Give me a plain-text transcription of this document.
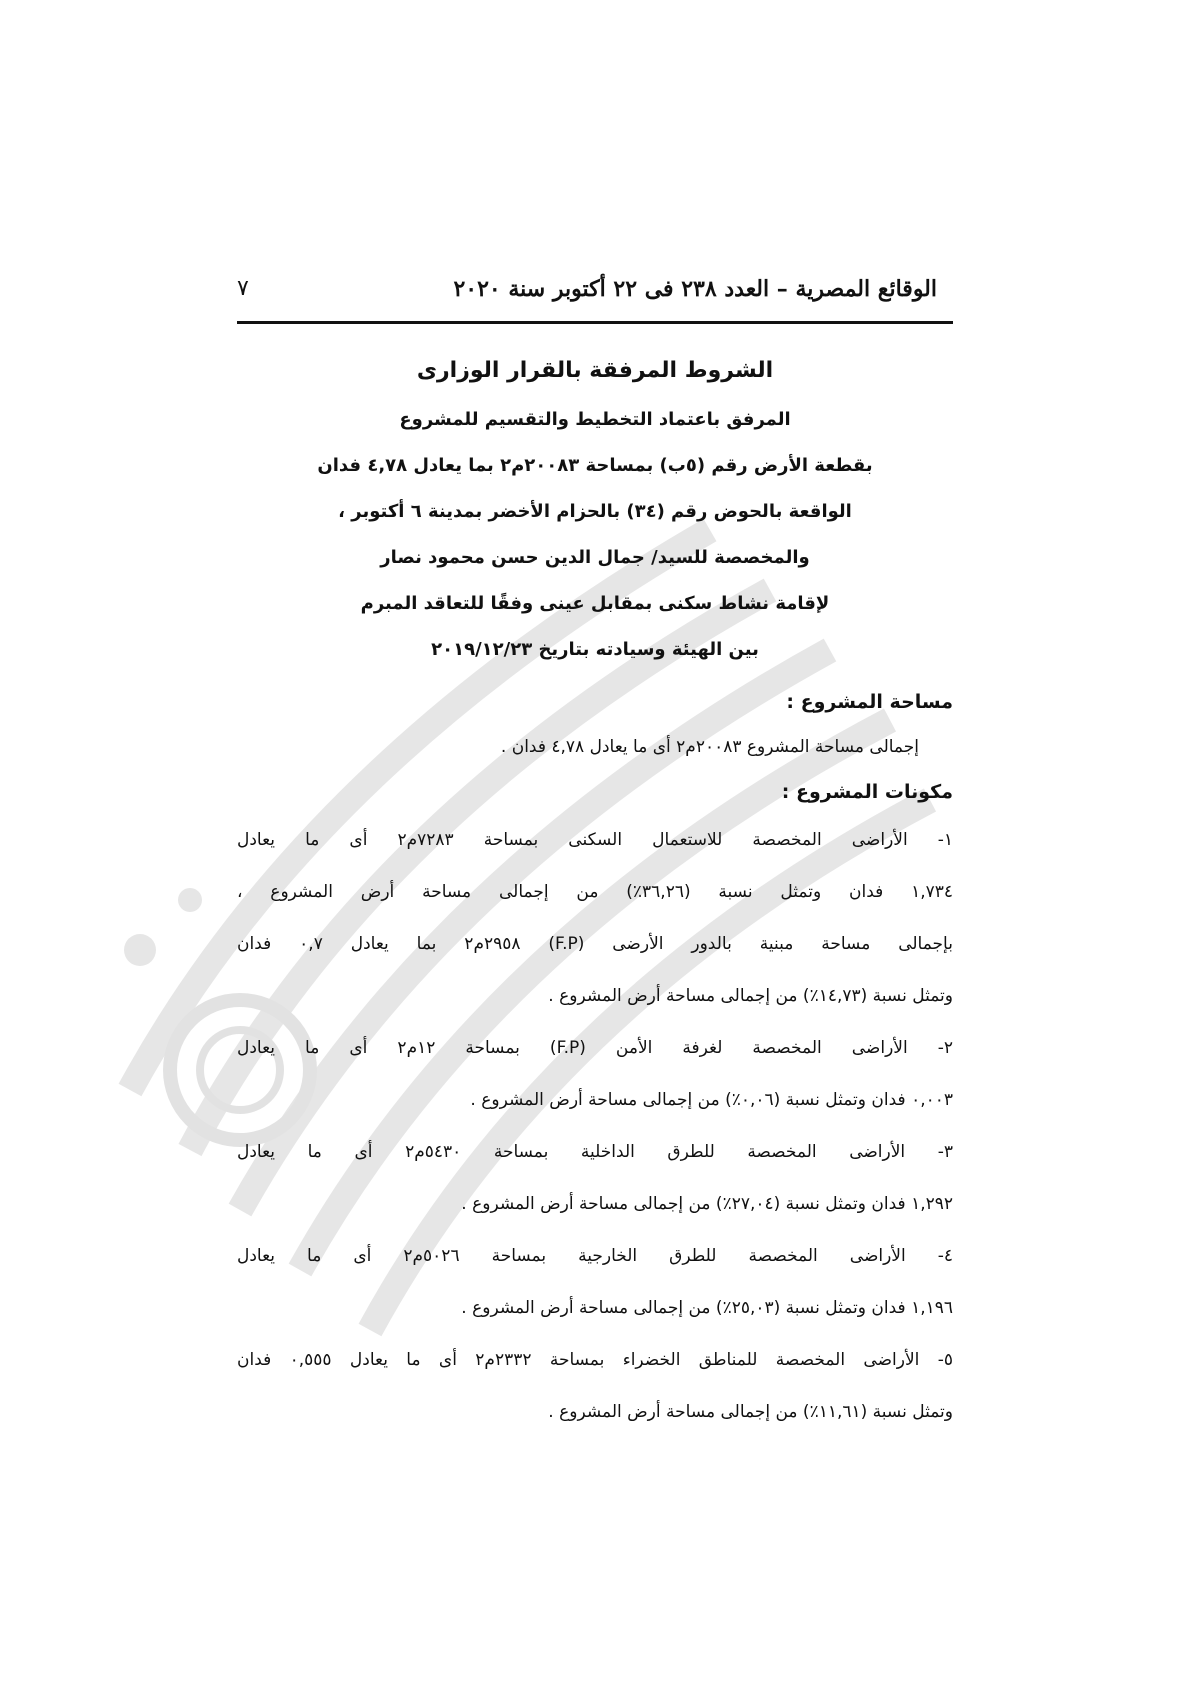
الوقائع المصرية – العدد ٢٣٨ فى ٢٢ أكتوبر سنة ٢٠٢٠
٧
الشروط المرفقة بالقرار الوزارى
المرفق باعتماد التخطيط والتقسيم للمشروع
بقطعة الأرض رقم (٥ب) بمساحة ٢٠٠٨٣م٢ بما يعادل ٤,٧٨ فدان
الواقعة بالحوض رقم (٣٤) بالحزام الأخضر بمدينة ٦ أكتوبر ،
والمخصصة للسيد/ جمال الدين حسن محمود نصار
لإقامة نشاط سكنى بمقابل عينى وفقًا للتعاقد المبرم
بين الهيئة وسيادته بتاريخ ٢٠١٩/١٢/٢٣
مساحة المشروع :
إجمالى مساحة المشروع ٢٠٠٨٣م٢ أى ما يعادل ٤,٧٨ فدان .
مكونات المشروع :
١- الأراضى المخصصة للاستعمال السكنى بمساحة ٧٢٨٣م٢ أى ما يعادل
١,٧٣٤ فدان وتمثل نسبة (٣٦,٢٦٪) من إجمالى مساحة أرض المشروع ،
بإجمالى مساحة مبنية بالدور الأرضى (F.P) ٢٩٥٨م٢ بما يعادل ٠,٧ فدان
وتمثل نسبة (١٤,٧٣٪) من إجمالى مساحة أرض المشروع .
٢- الأراضى المخصصة لغرفة الأمن (F.P) بمساحة ١٢م٢ أى ما يعادل
٠,٠٠٣ فدان وتمثل نسبة (٠,٠٦٪) من إجمالى مساحة أرض المشروع .
٣- الأراضى المخصصة للطرق الداخلية بمساحة ٥٤٣٠م٢ أى ما يعادل
١,٢٩٢ فدان وتمثل نسبة (٢٧,٠٤٪) من إجمالى مساحة أرض المشروع .
٤- الأراضى المخصصة للطرق الخارجية بمساحة ٥٠٢٦م٢ أى ما يعادل
١,١٩٦ فدان وتمثل نسبة (٢٥,٠٣٪) من إجمالى مساحة أرض المشروع .
٥- الأراضى المخصصة للمناطق الخضراء بمساحة ٢٣٣٢م٢ أى ما يعادل ٠,٥٥٥ فدان
وتمثل نسبة (١١,٦١٪) من إجمالى مساحة أرض المشروع .
